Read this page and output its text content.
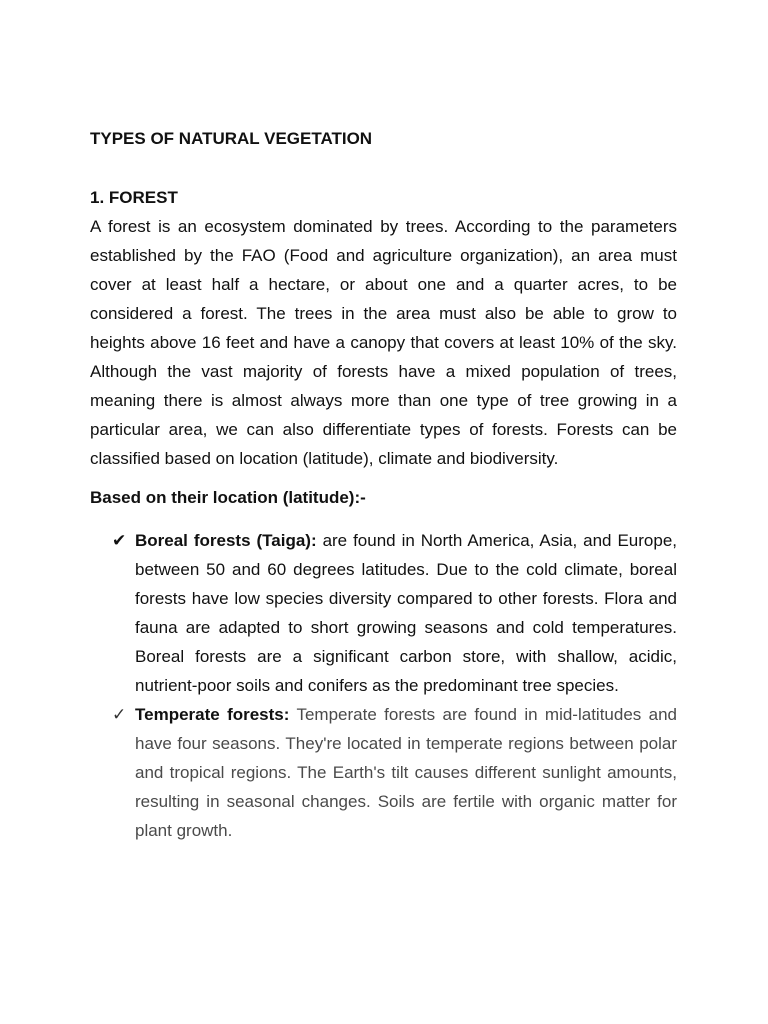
TYPES OF NATURAL VEGETATION
1. FOREST

A forest is an ecosystem dominated by trees. According to the parameters established by the FAO (Food and agriculture organization), an area must cover at least half a hectare, or about one and a quarter acres, to be considered a forest. The trees in the area must also be able to grow to heights above 16 feet and have a canopy that covers at least 10% of the sky. Although the vast majority of forests have a mixed population of trees, meaning there is almost always more than one type of tree growing in a particular area, we can also differentiate types of forests. Forests can be classified based on location (latitude), climate and biodiversity.

Based on their location (latitude):-

✔ Boreal forests (Taiga): are found in North America, Asia, and Europe, between 50 and 60 degrees latitudes. Due to the cold climate, boreal forests have low species diversity compared to other forests. Flora and fauna are adapted to short growing seasons and cold temperatures. Boreal forests are a significant carbon store, with shallow, acidic, nutrient-poor soils and conifers as the predominant tree species.
✓ Temperate forests: Temperate forests are found in mid-latitudes and have four seasons. They're located in temperate regions between polar and tropical regions. The Earth's tilt causes different sunlight amounts, resulting in seasonal changes. Soils are fertile with organic matter for plant growth.
